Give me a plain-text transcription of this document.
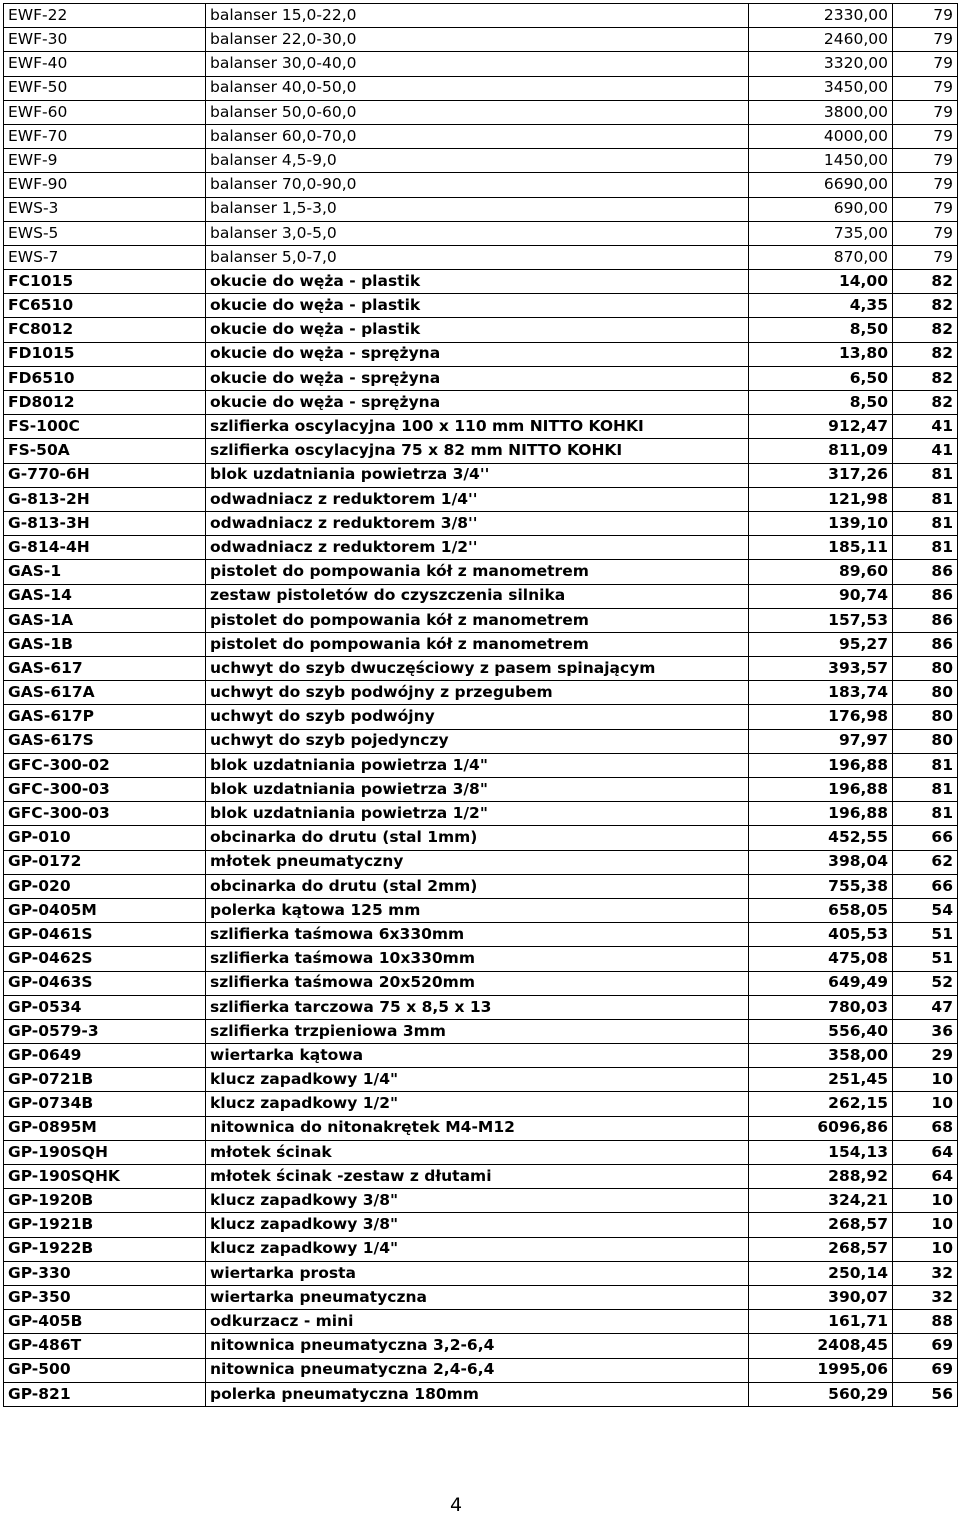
EWF-22	balanser 15,0-22,0	2330,00	79
EWF-30	balanser 22,0-30,0	2460,00	79
EWF-40	balanser 30,0-40,0	3320,00	79
EWF-50	balanser 40,0-50,0	3450,00	79
EWF-60	balanser 50,0-60,0	3800,00	79
EWF-70	balanser 60,0-70,0	4000,00	79
EWF-9	balanser 4,5-9,0	1450,00	79
EWF-90	balanser 70,0-90,0	6690,00	79
EWS-3	balanser 1,5-3,0	690,00	79
EWS-5	balanser 3,0-5,0	735,00	79
EWS-7	balanser 5,0-7,0	870,00	79
FC1015	okucie do węża - plastik	14,00	82
FC6510	okucie do węża - plastik	4,35	82
FC8012	okucie do węża - plastik	8,50	82
FD1015	okucie do węża - sprężyna	13,80	82
FD6510	okucie do węża - sprężyna	6,50	82
FD8012	okucie do węża - sprężyna	8,50	82
FS-100C	szlifierka oscylacyjna 100 x 110 mm NITTO KOHKI	912,47	41
FS-50A	szlifierka oscylacyjna 75 x 82 mm NITTO KOHKI	811,09	41
G-770-6H	blok uzdatniania powietrza 3/4''	317,26	81
G-813-2H	odwadniacz z reduktorem 1/4''	121,98	81
G-813-3H	odwadniacz z reduktorem 3/8''	139,10	81
G-814-4H	odwadniacz z reduktorem 1/2''	185,11	81
GAS-1	pistolet do pompowania kół z manometrem	89,60	86
GAS-14	zestaw pistoletów do czyszczenia silnika	90,74	86
GAS-1A	pistolet do pompowania kół z manometrem	157,53	86
GAS-1B	pistolet do pompowania kół z manometrem	95,27	86
GAS-617	uchwyt do szyb dwuczęściowy z pasem spinającym	393,57	80
GAS-617A	uchwyt do szyb podwójny z przegubem	183,74	80
GAS-617P	uchwyt do szyb podwójny	176,98	80
GAS-617S	uchwyt do szyb pojedynczy	97,97	80
GFC-300-02	blok uzdatniania powietrza 1/4"	196,88	81
GFC-300-03	blok uzdatniania powietrza 3/8"	196,88	81
GFC-300-03	blok uzdatniania powietrza 1/2"	196,88	81
GP-010	obcinarka do drutu (stal 1mm)	452,55	66
GP-0172	młotek pneumatyczny	398,04	62
GP-020	obcinarka do drutu (stal 2mm)	755,38	66
GP-0405M	polerka kątowa 125 mm	658,05	54
GP-0461S	szlifierka taśmowa 6x330mm	405,53	51
GP-0462S	szlifierka taśmowa 10x330mm	475,08	51
GP-0463S	szlifierka taśmowa 20x520mm	649,49	52
GP-0534	szlifierka tarczowa 75 x 8,5 x 13	780,03	47
GP-0579-3	szlifierka trzpieniowa 3mm	556,40	36
GP-0649	wiertarka kątowa	358,00	29
GP-0721B	klucz zapadkowy 1/4"	251,45	10
GP-0734B	klucz zapadkowy 1/2"	262,15	10
GP-0895M	nitownica do nitonakrętek M4-M12	6096,86	68
GP-190SQH	młotek ścinak	154,13	64
GP-190SQHK	młotek ścinak -zestaw z dłutami	288,92	64
GP-1920B	klucz zapadkowy 3/8"	324,21	10
GP-1921B	klucz zapadkowy 3/8"	268,57	10
GP-1922B	klucz zapadkowy 1/4"	268,57	10
GP-330	wiertarka prosta	250,14	32
GP-350	wiertarka pneumatyczna	390,07	32
GP-405B	odkurzacz - mini	161,71	88
GP-486T	nitownica pneumatyczna 3,2-6,4	2408,45	69
GP-500	nitownica pneumatyczna 2,4-6,4	1995,06	69
GP-821	polerka pneumatyczna 180mm	560,29	56
4
